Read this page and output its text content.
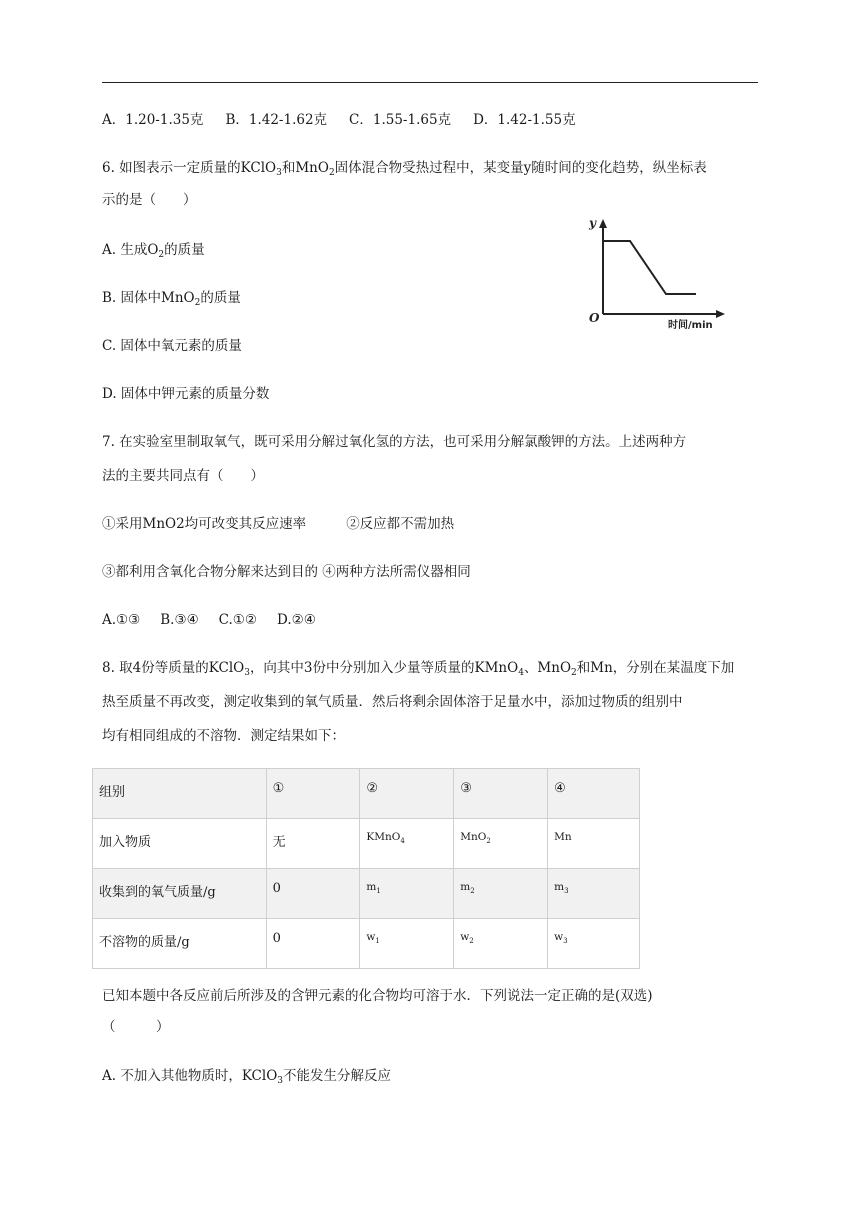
A．1.20-1.35克 B．1.42-1.62克 C．1.55-1.65克 D．1.42-1.55克
6. 如图表示一定质量的KClO$_3$和MnO$_2$固体混合物受热过程中，某变量y随时间的变化趋势，纵坐标表
示的是（　　）
A. 生成$O_2$的质量
B. 固体中MnO$_2$的质量
C. 固体中氧元素的质量
D. 固体中钾元素的质量分数
y
O
时间/min
7. 在实验室里制取氧气，既可采用分解过氧化氢的方法，也可采用分解氯酸钾的方法。上述两种方
法的主要共同点有（　　）
①采用MnO2均可改变其反应速率	②反应都不需加热
③都利用含氧化合物分解来达到目的 ④两种方法所需仪器相同
A.①③ B.③④ C.①② D.②④
8. 取4份等质量的KClO$_3$，向其中3份中分别加入少量等质量的KMnO$_4$、MnO$_2$和Mn，分别在某温度下加
热至质量不再改变，测定收集到的氧气质量．然后将剩余固体溶于足量水中，添加过物质的组别中
均有相同组成的不溶物．测定结果如下：
组别	①	②	③	④
加入物质	无	KMnO$_4$	MnO$_2$	Mn
收集到的氧气质量/g	0	$m_1$	$m_2$	$m_3$
不溶物的质量/g	0	$w_1$	$w_2$	$w_3$
已知本题中各反应前后所涉及的含钾元素的化合物均可溶于水．下列说法一定正确的是(双选)
（　　　）
A. 不加入其他物质时，KClO$_3$不能发生分解反应
